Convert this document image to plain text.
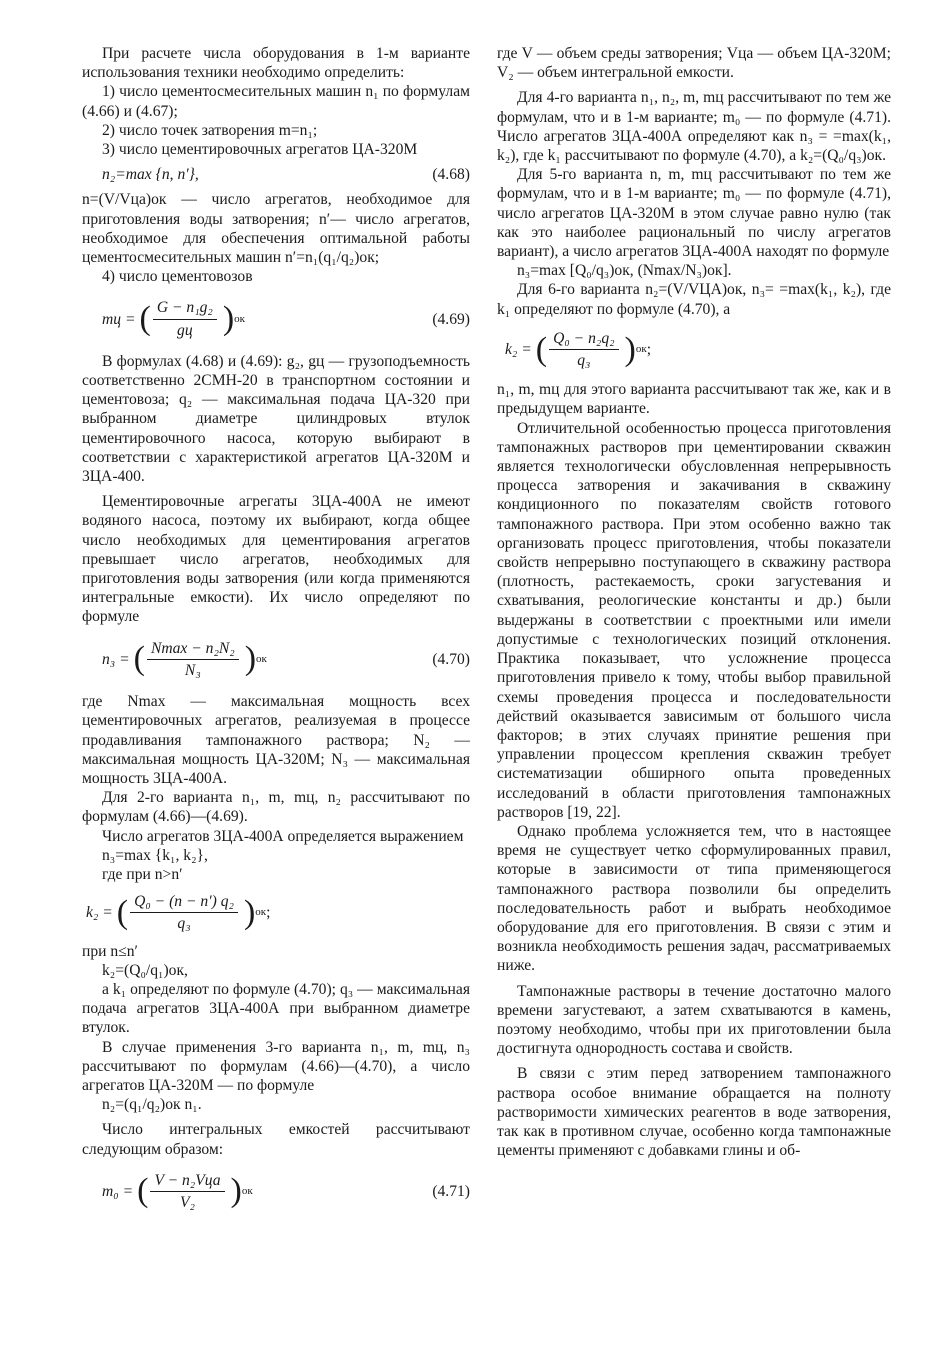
При расчете числа оборудования в 1-м варианте использования техники необходимо определить:

1) число цементосмесительных машин n₁ по формулам (4.66) и (4.67);

2) число точек затворения m=n₁;

3) число цементировочных агрегатов ЦА-320М

n₂=max {n, n′},	(4.68)

n=(V/Vца)ок — число агрегатов, необходимое для приготовления воды затворения; n′— число агрегатов, необходимое для обеспечения оптимальной работы цементосмесительных машин n′=n₁(q₁/q₂)ок;

4) число цементовозов

mц = ( $\frac{\text{G − n₁g₂}}{gц}$ ) ок	(4.69)

В формулах (4.68) и (4.69): g₂, gц — грузоподъемность соответственно 2СМН-20 в транспортном состоянии и цементовоза; q₂ — максимальная подача ЦА-320 при выбранном диаметре цилиндровых втулок цементировочного насоса, которую выбирают в соответствии с характеристикой агрегатов ЦА-320М и 3ЦА-400.

Цементировочные агрегаты 3ЦА-400А не имеют водяного насоса, поэтому их выбирают, когда общее число необходимых для цементирования агрегатов превышает число агрегатов, необходимых для приготовления воды затворения (или когда применяются интегральные емкости). Их число определяют по формуле

n₃ = ( $\frac{\text{Nmax − n₂N₂}}{\text{N₃}}$ ) ок	(4.70)

где Nmax — максимальная мощность всех цементировочных агрегатов, реализуемая в процессе продавливания тампонажного раствора; N₂ — максимальная мощность ЦА-320М; N₃ — максимальная мощность 3ЦА-400А.

Для 2-го варианта n₁, m, mц, n₂ рассчитывают по формулам (4.66)—(4.69).

Число агрегатов 3ЦА-400А определяется выражением

n₃=max {k₁, k₂},

где при n>n′

k₂ = ( $\frac{\text{Q₀ − (n − n′) q₂}}{\text{q₃}}$ ) ок ;

при n≤n′

k₂=(Q₀/q₁)ок,

а k₁ определяют по формуле (4.70); q₃ — максимальная подача агрегатов 3ЦА-400А при выбранном диаметре втулок.

В случае применения 3-го варианта n₁, m, mц, n₃ рассчитывают по формулам (4.66)—(4.70), а число агрегатов ЦА-320М — по формуле

n₂=(q₁/q₂)ок n₁.

Число интегральных емкостей рассчитывают следующим образом:

m₀ = ( $\frac{\text{V − n₂Vца}}{\text{V₂}}$ ) ок	(4.71)

где V — объем среды затворения; Vца — объем ЦА-320М; V₂ — объем интегральной емкости.

Для 4-го варианта n₁, n₂, m, mц рассчитывают по тем же формулам, что и в 1-м варианте; m₀ — по формуле (4.71). Число агрегатов 3ЦА-400А определяют как n₃ = =max(k₁, k₂), где k₁ рассчитывают по формуле (4.70), а k₂=(Q₀/q₃)ок.

Для 5-го варианта n, m, mц рассчитывают по тем же формулам, что и в 1-м варианте; m₀ — по формуле (4.71), число агрегатов ЦА-320М в этом случае равно нулю (так как это наиболее рациональный по числу агрегатов вариант), а число агрегатов 3ЦА-400А находят по формуле

n₃=max [Q₀/q₃)ок, (Nmax/N₃)ок].

Для 6-го варианта n₂=(V/VЦА)ок, n₃= =max(k₁, k₂), где k₁ определяют по формуле (4.70), а

k₂ = ( $\frac{\text{Q₀ − n₂q₂}}{\text{q₃}}$ ) ок ;

n₁, m, mц для этого варианта рассчитывают так же, как и в предыдущем варианте.

Отличительной особенностью процесса приготовления тампонажных растворов при цементировании скважин является технологически обусловленная непрерывность процесса затворения и закачивания в скважину кондиционного по показателям свойств готового тампонажного раствора. При этом особенно важно так организовать процесс приготовления, чтобы показатели свойств непрерывно поступающего в скважину раствора (плотность, растекаемость, сроки загустевания и схватывания, реологические константы и др.) были выдержаны в соответствии с проектными или имели допустимые с технологических позиций отклонения. Практика показывает, что усложнение процесса приготовления привело к тому, чтобы выбор правильной схемы проведения процесса и последовательности действий оказывается зависимым от большого числа факторов; в этих случаях принятие решения при управлении процессом крепления скважин требует систематизации обширного опыта проведенных исследований в области приготовления тампонажных растворов [19, 22].

Однако проблема усложняется тем, что в настоящее время не существует четко сформулированных правил, которые в зависимости от типа применяющегося тампонажного раствора позволили бы определить последовательность работ и выбрать необходимое оборудование для его приготовления. В связи с этим и возникла необходимость решения задач, рассматриваемых ниже.

Тампонажные растворы в течение достаточно малого времени загустевают, а затем схватываются в камень, поэтому необходимо, чтобы при их приготовлении была достигнута однородность состава и свойств.

В связи с этим перед затворением тампонажного раствора особое внимание обращается на полноту растворимости химических реагентов в воде затворения, так как в противном случае, особенно когда тампонажные цементы применяют с добавками глины и об-
